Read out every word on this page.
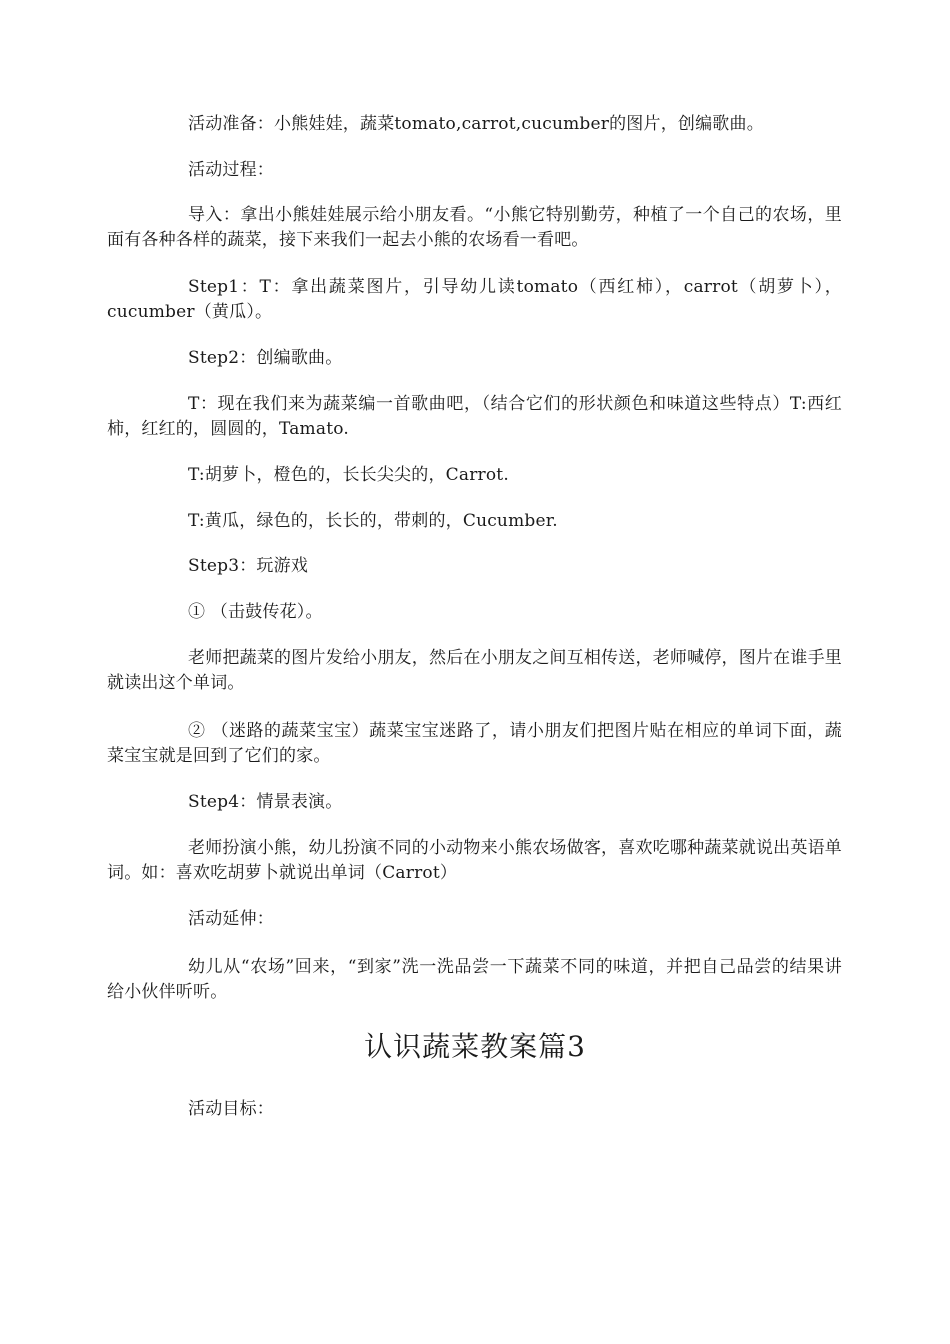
活动准备：小熊娃娃，蔬菜tomato,carrot,cucumber的图片，创编歌曲。

活动过程：

导入：拿出小熊娃娃展示给小朋友看。“小熊它特别勤劳，种植了一个自己的农场，里面有各种各样的蔬菜，接下来我们一起去小熊的农场看一看吧。

Step1：T：拿出蔬菜图片，引导幼儿读tomato（西红柿），carrot（胡萝卜），cucumber（黄瓜）。

Step2：创编歌曲。

T：现在我们来为蔬菜编一首歌曲吧，（结合它们的形状颜色和味道这些特点）T:西红柿，红红的，圆圆的，Tamato.

T:胡萝卜，橙色的，长长尖尖的，Carrot.

T:黄瓜，绿色的，长长的，带刺的，Cucumber.

Step3：玩游戏

① （击鼓传花）。

老师把蔬菜的图片发给小朋友，然后在小朋友之间互相传送，老师喊停，图片在谁手里就读出这个单词。

② （迷路的蔬菜宝宝）蔬菜宝宝迷路了，请小朋友们把图片贴在相应的单词下面，蔬菜宝宝就是回到了它们的家。

Step4：情景表演。

老师扮演小熊，幼儿扮演不同的小动物来小熊农场做客，喜欢吃哪种蔬菜就说出英语单词。如：喜欢吃胡萝卜就说出单词（Carrot）

活动延伸：

幼儿从“农场”回来，“到家”洗一洗品尝一下蔬菜不同的味道，并把自己品尝的结果讲给小伙伴听听。

认识蔬菜教案篇3

活动目标：
